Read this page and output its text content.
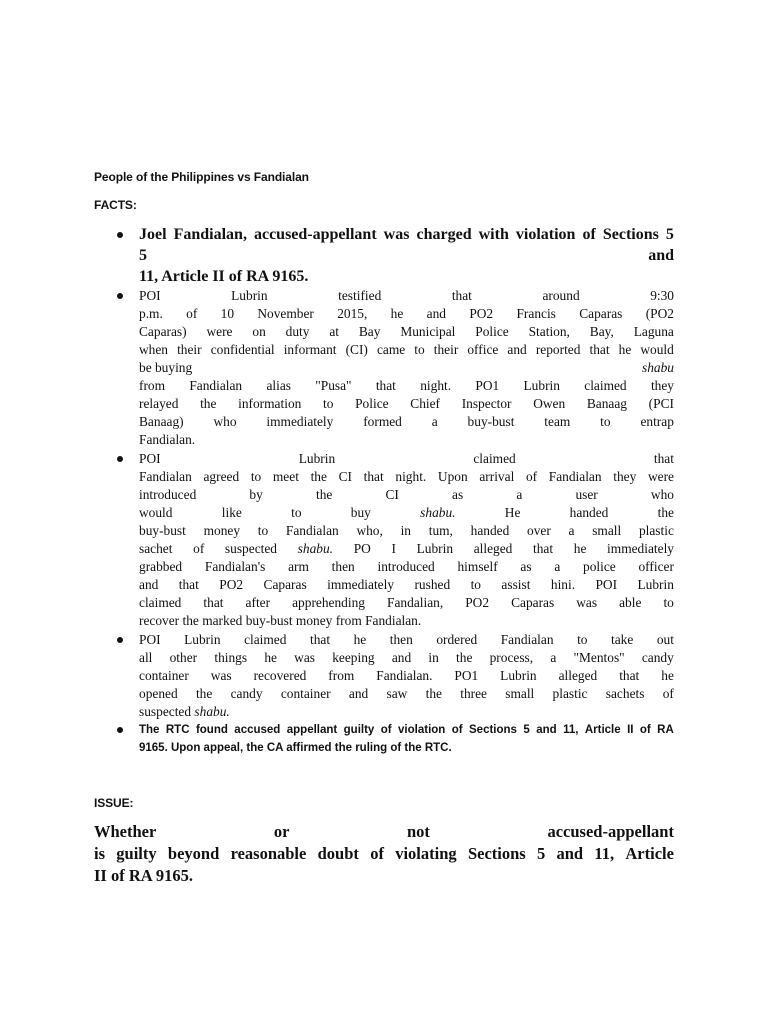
People of the Philippines vs Fandialan
FACTS:
Joel Fandialan, accused-appellant was charged with violation of Sections 5
and
11, Article II of RA 9165.
5
POI	Lubrin	testified	that	around	9:30
p.m. of 10 November 2015, he and PO2 Francis Caparas (PO2
Caparas) were on duty at Bay Municipal Police Station, Bay, Laguna
when their confidential informant (CI) came to their office and reported that he would
be buying	shabu

from Fandialan alias "Pusa" that night. PO1 Lubrin claimed they
relayed the information to Police Chief Inspector Owen Banaag (PCI
Banaag) who immediately formed a buy-bust team to entrap
Fandialan.
POI	Lubrin	claimed	that
Fandialan agreed to meet the CI that night. Upon arrival of Fandialan they were
introduced	by	the	CI	as	a	user	who
would like to buy	shabu.	He handed the
buy-bust money to Fandialan who, in tum, handed over a small plastic
sachet of suspected shabu. PO I Lubrin alleged that he immediately
grabbed Fandialan's arm then introduced himself as a police officer
and that PO2 Caparas immediately rushed to assist hini. POI Lubrin
claimed that after apprehending Fandalian, PO2 Caparas was able to
recover the marked buy-bust money from Fandialan.
POI Lubrin claimed that he then ordered Fandialan to take out
all other things he was keeping and in the process, a "Mentos" candy
container was recovered from Fandialan. PO1 Lubrin alleged that he
opened the candy container and saw the three small plastic sachets of
suspected shabu.
The RTC found accused appellant guilty of violation of Sections 5 and 11, Article II of RA
9165. Upon appeal, the CA affirmed the ruling of the RTC.
ISSUE:
Whether	or	not	accused-appellant
is guilty beyond reasonable doubt of violating Sections 5 and 11, Article
II of RA 9165.
